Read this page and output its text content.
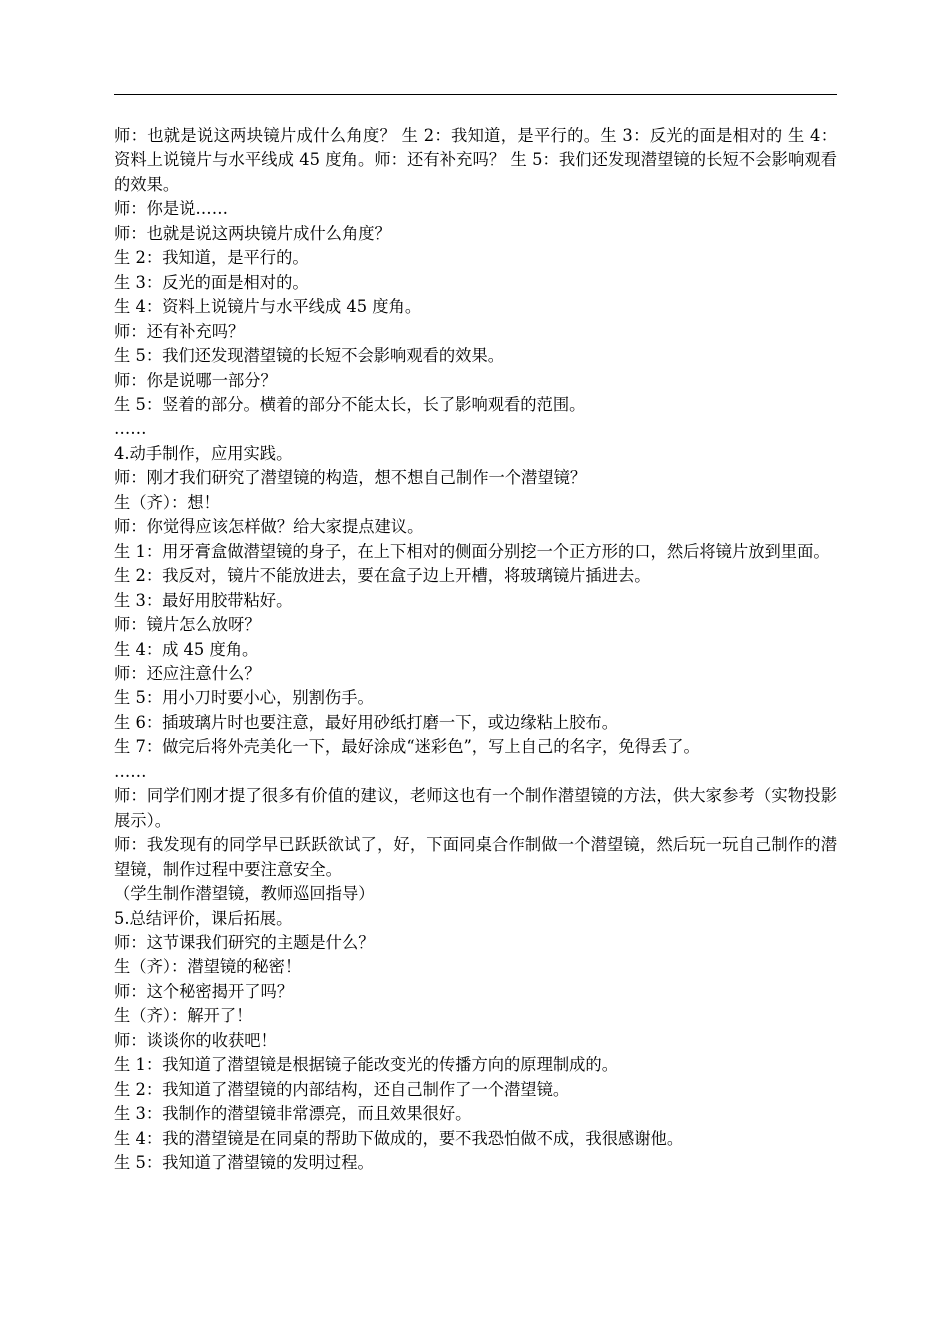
师：也就是说这两块镜片成什么角度？ 生 2：我知道，是平行的。生 3：反光的面是相对的 生 4：资料上说镜片与水平线成 45 度角。师：还有补充吗？ 生 5：我们还发现潜望镜的长短不会影响观看的效果。

师：你是说……

师：也就是说这两块镜片成什么角度？

生 2：我知道，是平行的。

生 3：反光的面是相对的。

生 4：资料上说镜片与水平线成 45 度角。

师：还有补充吗？

生 5：我们还发现潜望镜的长短不会影响观看的效果。

师：你是说哪一部分？

生 5：竖着的部分。横着的部分不能太长，长了影响观看的范围。

……

4.动手制作，应用实践。

师：刚才我们研究了潜望镜的构造，想不想自己制作一个潜望镜？

生（齐）：想！

师：你觉得应该怎样做？给大家提点建议。

生 1：用牙膏盒做潜望镜的身子，在上下相对的侧面分别挖一个正方形的口，然后将镜片放到里面。

生 2：我反对，镜片不能放进去，要在盒子边上开槽，将玻璃镜片插进去。

生 3：最好用胶带粘好。

师：镜片怎么放呀？

生 4：成 45 度角。

师：还应注意什么？

生 5：用小刀时要小心，别割伤手。

生 6：插玻璃片时也要注意，最好用砂纸打磨一下，或边缘粘上胶布。

生 7：做完后将外壳美化一下，最好涂成“迷彩色”，写上自己的名字，免得丢了。

……

师：同学们刚才提了很多有价值的建议，老师这也有一个制作潜望镜的方法，供大家参考（实物投影展示）。

师：我发现有的同学早已跃跃欲试了，好，下面同桌合作制做一个潜望镜，然后玩一玩自己制作的潜望镜，制作过程中要注意安全。

（学生制作潜望镜，教师巡回指导）

5.总结评价，课后拓展。

师：这节课我们研究的主题是什么？

生（齐）：潜望镜的秘密！

师：这个秘密揭开了吗？

生（齐）：解开了！

师：谈谈你的收获吧！

生 1：我知道了潜望镜是根据镜子能改变光的传播方向的原理制成的。

生 2：我知道了潜望镜的内部结构，还自己制作了一个潜望镜。

生 3：我制作的潜望镜非常漂亮，而且效果很好。

生 4：我的潜望镜是在同桌的帮助下做成的，要不我恐怕做不成，我很感谢他。

生 5：我知道了潜望镜的发明过程。
